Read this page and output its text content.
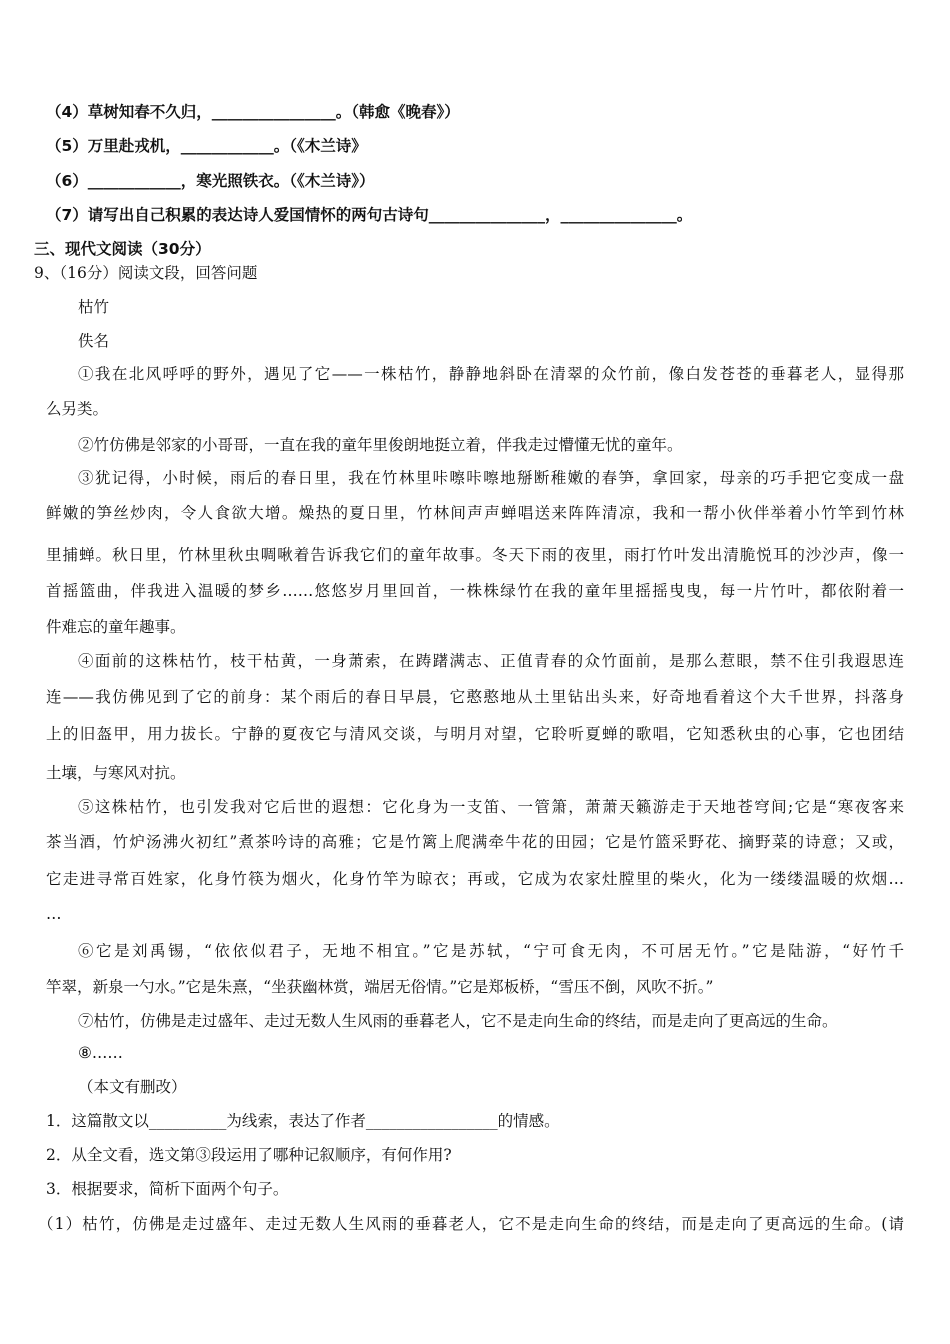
（4）草树知春不久归，________________。（韩愈《晚春》）
（5）万里赴戎机，____________。（《木兰诗》
（6）____________，寒光照铁衣。（《木兰诗》）
（7）请写出自己积累的表达诗人爱国情怀的两句古诗句_______________，_______________。
三、现代文阅读（30分）
9、（16分）阅读文段，回答问题
枯竹
佚名
①我在北风呼呼的野外，遇见了它——一株枯竹，静静地斜卧在清翠的众竹前，像白发苍苍的垂暮老人，显得那
么另类。
②竹仿佛是邻家的小哥哥，一直在我的童年里俊朗地挺立着，伴我走过懵懂无忧的童年。
③犹记得，小时候，雨后的春日里，我在竹林里咔嚓咔嚓地掰断稚嫩的春笋，拿回家，母亲的巧手把它变成一盘
鲜嫩的笋丝炒肉，令人食欲大增。燥热的夏日里，竹林间声声蝉唱送来阵阵清凉，我和一帮小伙伴举着小竹竿到竹林
里捕蝉。秋日里，竹林里秋虫啁啾着告诉我它们的童年故事。冬天下雨的夜里，雨打竹叶发出清脆悦耳的沙沙声，像一
首摇篮曲，伴我进入温暖的梦乡……悠悠岁月里回首，一株株绿竹在我的童年里摇摇曳曳，每一片竹叶，都依附着一
件难忘的童年趣事。
④面前的这株枯竹，枝干枯黄，一身萧索，在踌躇满志、正值青春的众竹面前，是那么惹眼，禁不住引我遐思连
连——我仿佛见到了它的前身：某个雨后的春日早晨，它憨憨地从土里钻出头来，好奇地看着这个大千世界，抖落身
上的旧盔甲，用力拔长。宁静的夏夜它与清风交谈，与明月对望，它聆听夏蝉的歌唱，它知悉秋虫的心事，它也团结
土壤，与寒风对抗。
⑤这株枯竹，也引发我对它后世的遐想：它化身为一支笛、一管箫，萧萧天籁游走于天地苍穹间;它是“寒夜客来
茶当酒，竹炉汤沸火初红”煮茶吟诗的高雅；它是竹篱上爬满牵牛花的田园；它是竹篮采野花、摘野菜的诗意；又或，
它走进寻常百姓家，化身竹筷为烟火，化身竹竿为晾衣；再或，它成为农家灶膛里的柴火，化为一缕缕温暖的炊烟…
…
⑥它是刘禹锡，“依依似君子，无地不相宜。”它是苏轼，“宁可食无肉，不可居无竹。”它是陆游，“好竹千
竿翠，新泉一勺水。”它是朱熹，“坐获幽林赏，端居无俗情。”它是郑板桥，“雪压不倒，风吹不折。”
⑦枯竹，仿佛是走过盛年、走过无数人生风雨的垂暮老人，它不是走向生命的终结，而是走向了更高远的生命。
⑧……
（本文有删改）
1．这篇散文以__________为线索，表达了作者_________________的情感。
2．从全文看，选文第③段运用了哪种记叙顺序，有何作用?
3．根据要求，简析下面两个句子。
（1）枯竹，仿佛是走过盛年、走过无数人生风雨的垂暮老人，它不是走向生命的终结，而是走向了更高远的生命。(请
